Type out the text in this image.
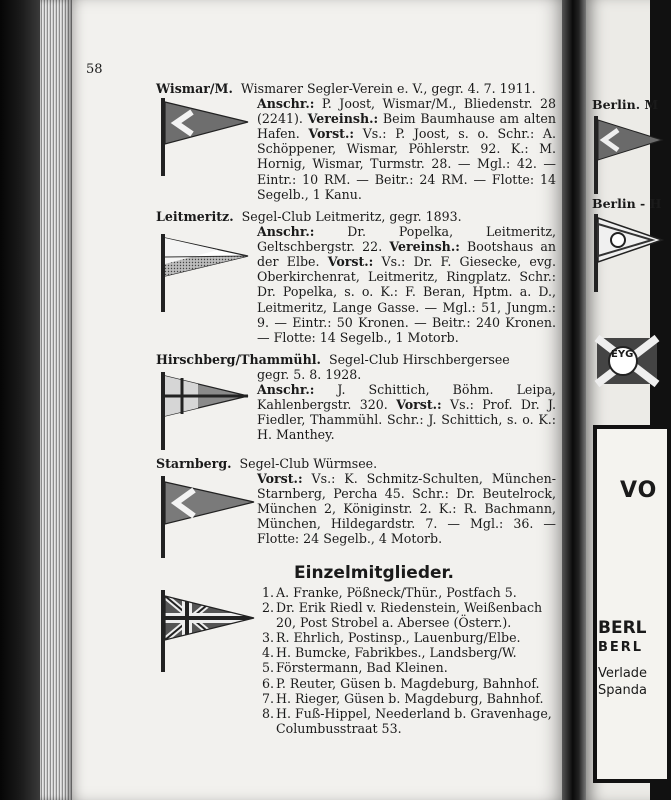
58
Wismar/M. Wismarer Segler-Verein e. V., gegr. 4. 7. 1911.
Anschr.: P. Joost, Wismar/M., Bliedenstr. 28 (2241). Vereinsh.: Beim Baumhause am alten Hafen. Vorst.: Vs.: P. Joost, s. o. Schr.: A. Schöppener, Wismar, Pöhlerstr. 92. K.: M. Hornig, Wismar, Turmstr. 28. — Mgl.: 42. — Eintr.: 10 RM. — Beitr.: 24 RM. — Flotte: 14 Segelb., 1 Kanu.
Leitmeritz. Segel-Club Leitmeritz, gegr. 1893.
Anschr.: Dr. Popelka, Leitmeritz, Geltschbergstr. 22. Vereinsh.: Bootshaus an der Elbe. Vorst.: Vs.: Dr. F. Giesecke, evg. Oberkirchenrat, Leitmeritz, Ringplatz. Schr.: Dr. Popelka, s. o. K.: F. Beran, Hptm. a. D., Leitmeritz, Lange Gasse. — Mgl.: 51, Jungm.: 9. — Eintr.: 50 Kronen. — Beitr.: 240 Kronen. — Flotte: 14 Segelb., 1 Motorb.
Hirschberg/Thammühl. Segel-Club Hirschbergersee
gegr. 5. 8. 1928.
Anschr.: J. Schittich, Böhm. Leipa, Kahlenbergstr. 320. Vorst.: Vs.: Prof. Dr. J. Fiedler, Thammühl. Schr.: J. Schittich, s. o. K.: H. Manthey.
Starnberg. Segel-Club Würmsee.
Vorst.: Vs.: K. Schmitz-Schulten, München-Starnberg, Percha 45. Schr.: Dr. Beutelrock, München 2, Königinstr. 2. K.: R. Bachmann, München, Hildegardstr. 7. — Mgl.: 36. — Flotte: 24 Segelb., 4 Motorb.
Einzelmitglieder.
1. A. Franke, Pößneck/Thür., Postfach 5.
2. Dr. Erik Riedl v. Riedenstein, Weißenbach 20, Post Strobel a. Abersee (Österr.).
3. R. Ehrlich, Postinsp., Lauenburg/Elbe.
4. H. Bumcke, Fabrikbes., Landsberg/W.
5. Förstermann, Bad Kleinen.
6. P. Reuter, Güsen b. Magdeburg, Bahnhof.
7. H. Rieger, Güsen b. Magdeburg, Bahnhof.
8. H. Fuß-Hippel, Neederland b. Gravenhage, Columbusstraat 53.
Berlin. M
Berlin - H
EYG
VO
BERL
BERL
Verlade
Spanda
